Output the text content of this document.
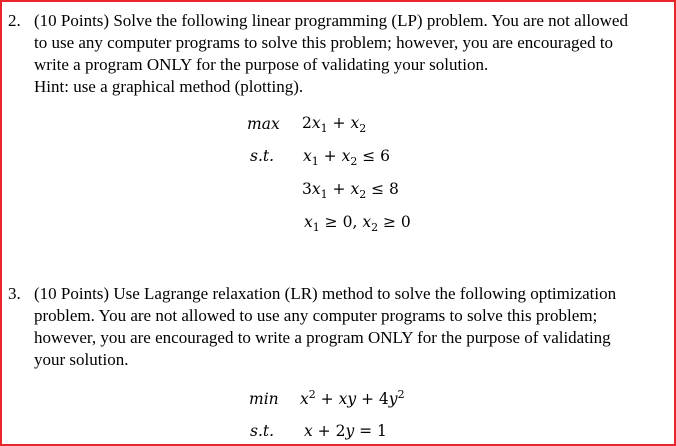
2. (10 Points) Solve the following linear programming (LP) problem. You are not allowed
to use any computer programs to solve this problem; however, you are encouraged to
write a program ONLY for the purpose of validating your solution.
Hint: use a graphical method (plotting).
$\max 2x_1 + x_2$
s.t. $x_1 + x_2 \le 6$
$3x_1 + x_2 \le 8$
$x_1 \ge 0$, $x_2 \ge 0$
3. (10 Points) Use Lagrange relaxation (LR) method to solve the following optimization
problem. You are not allowed to use any computer programs to solve this problem;
however, you are encouraged to write a program ONLY for the purpose of validating
your solution.
$\min x^2$ + xy + $4y^2$
s.t. x + 2y = 1
